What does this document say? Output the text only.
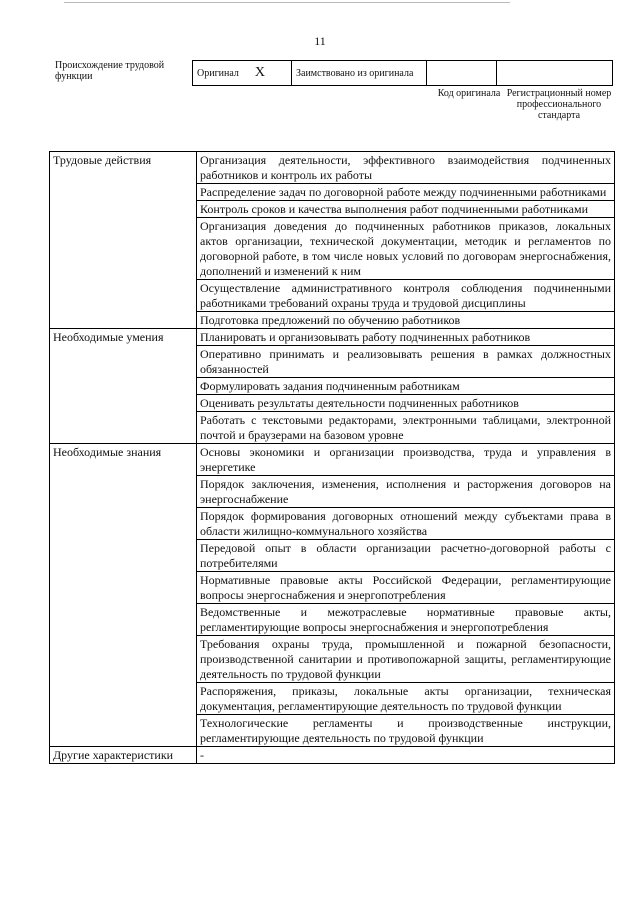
11
Происхождение трудовой функции	Оригинал X	Заимствовано из оригинала		
Код оригинала Регистрационный номер профессионального стандарта
Трудовые действия	Организация деятельности, эффективного взаимодействия подчиненных работников и контроль их работы
	Распределение задач по договорной работе между подчиненными работниками
	Контроль сроков и качества выполнения работ подчиненными работниками
	Организация доведения до подчиненных работников приказов, локальных актов организации, технической документации, методик и регламентов по договорной работе, в том числе новых условий по договорам энергоснабжения, дополнений и изменений к ним
	Осуществление административного контроля соблюдения подчиненными работниками требований охраны труда и трудовой дисциплины
	Подготовка предложений по обучению работников
Необходимые умения	Планировать и организовывать работу подчиненных работников
	Оперативно принимать и реализовывать решения в рамках должностных обязанностей
	Формулировать задания подчиненным работникам
	Оценивать результаты деятельности подчиненных работников
	Работать с текстовыми редакторами, электронными таблицами, электронной почтой и браузерами на базовом уровне
Необходимые знания	Основы экономики и организации производства, труда и управления в энергетике
	Порядок заключения, изменения, исполнения и расторжения договоров на энергоснабжение
	Порядок формирования договорных отношений между субъектами права в области жилищно-коммунального хозяйства
	Передовой опыт в области организации расчетно-договорной работы с потребителями
	Нормативные правовые акты Российской Федерации, регламентирующие вопросы энергоснабжения и энергопотребления
	Ведомственные и межотраслевые нормативные правовые акты, регламентирующие вопросы энергоснабжения и энергопотребления
	Требования охраны труда, промышленной и пожарной безопасности, производственной санитарии и противопожарной защиты, регламентирующие деятельность по трудовой функции
	Распоряжения, приказы, локальные акты организации, техническая документация, регламентирующие деятельность по трудовой функции
	Технологические регламенты и производственные инструкции, регламентирующие деятельность по трудовой функции
Другие характеристики	-
